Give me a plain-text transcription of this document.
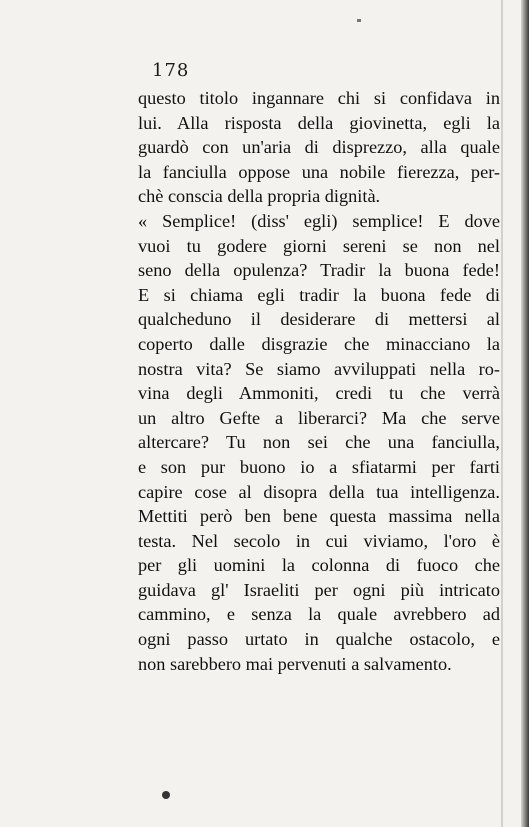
178
questo titolo ingannare chi si confidava in
lui. Alla risposta della giovinetta, egli la
guardò con un'aria di disprezzo, alla quale
la fanciulla oppose una nobile fierezza, per-
chè conscia della propria dignità.
« Semplice! (diss' egli) semplice! E dove
vuoi tu godere giorni sereni se non nel
seno della opulenza? Tradir la buona fede!
E si chiama egli tradir la buona fede di
qualcheduno il desiderare di mettersi al
coperto dalle disgrazie che minacciano la
nostra vita? Se siamo avviluppati nella ro-
vina degli Ammoniti, credi tu che verrà
un altro Gefte a liberarci? Ma che serve
altercare? Tu non sei che una fanciulla,
e son pur buono io a sfiatarmi per farti
capire cose al disopra della tua intelligenza.
Mettiti però ben bene questa massima nella
testa. Nel secolo in cui viviamo, l'oro è
per gli uomini la colonna di fuoco che
guidava gl' Israeliti per ogni più intricato
cammino, e senza la quale avrebbero ad
ogni passo urtato in qualche ostacolo, e
non sarebbero mai pervenuti a salvamento.
